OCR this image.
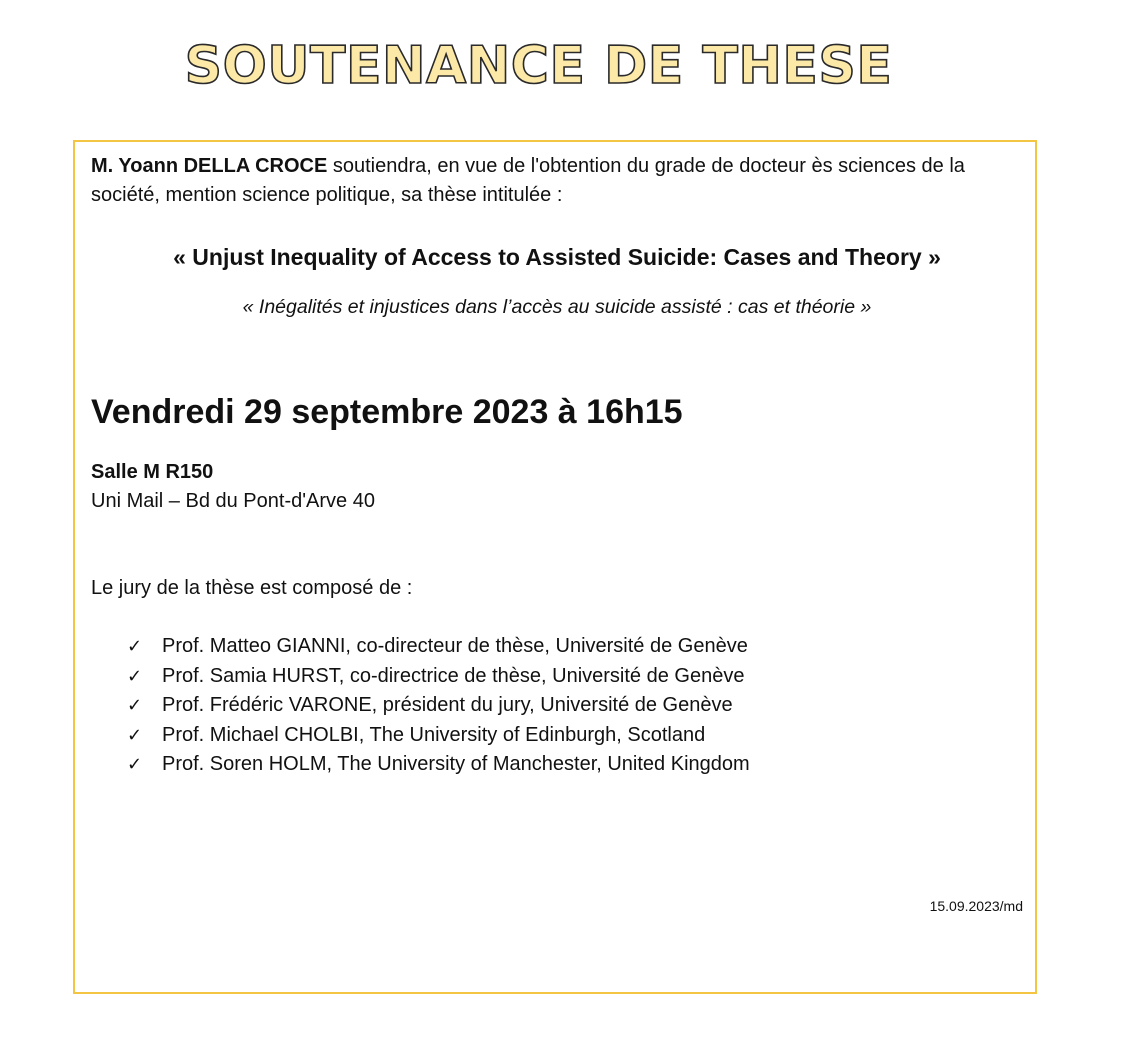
SOUTENANCE DE THESE
M. Yoann DELLA CROCE soutiendra, en vue de l'obtention du grade de docteur ès sciences de la société, mention science politique, sa thèse intitulée :
« Unjust Inequality of Access to Assisted Suicide: Cases and Theory »
« Inégalités et injustices dans l’accès au suicide assisté : cas et théorie »
Vendredi 29 septembre 2023 à 16h15
Salle M R150
Uni Mail – Bd du Pont-d'Arve 40
Le jury de la thèse est composé de :
✓ Prof. Matteo GIANNI, co-directeur de thèse, Université de Genève
✓ Prof. Samia HURST, co-directrice de thèse, Université de Genève
✓ Prof. Frédéric VARONE, président du jury, Université de Genève
✓ Prof. Michael CHOLBI, The University of Edinburgh, Scotland
✓ Prof. Soren HOLM, The University of Manchester, United Kingdom
15.09.2023/md
